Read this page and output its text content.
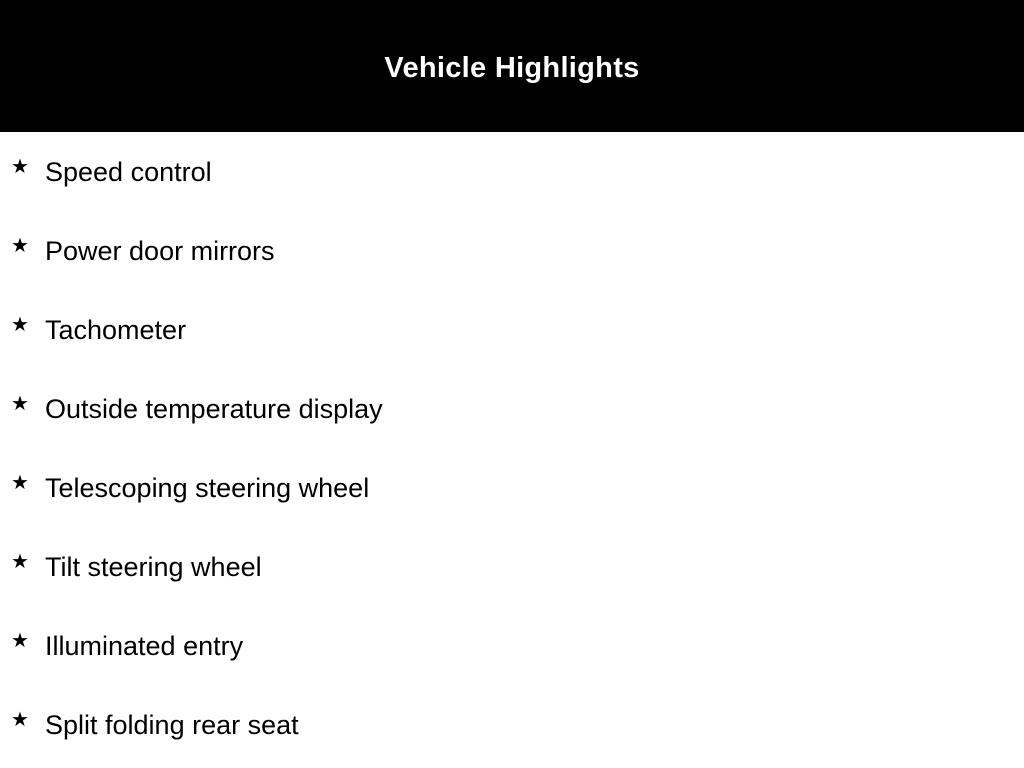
Vehicle Highlights
★ Speed control
★ Power door mirrors
★ Tachometer
★ Outside temperature display
★ Telescoping steering wheel
★ Tilt steering wheel
★ Illuminated entry
★ Split folding rear seat
